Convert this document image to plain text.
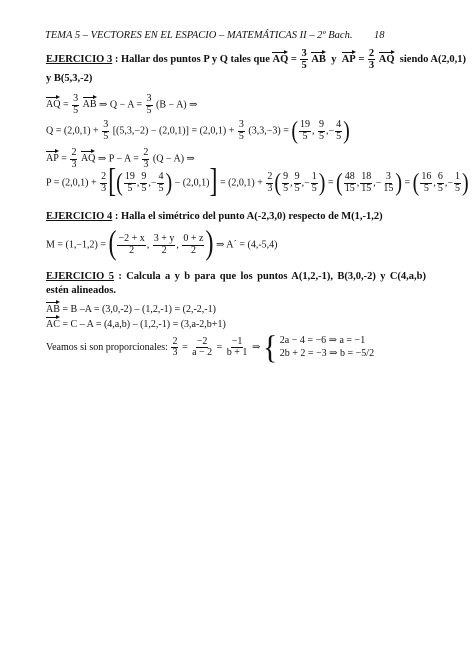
TEMA 5 – VECTORES EN EL ESPACIO – MATEMÁTICAS II – 2º Bach. 18
EJERCICIO 3 : Hallar dos puntos P y Q tales que AQ = $\frac{3}{5}$ AB y AP = $\frac{2}{3}$ AQ siendo A(2,0,1)
y B(5,3,-2)
AQ = $\frac{3}{5}$ AB ⇒ $Q - A = \frac{3}{5} (B - A)$ ⇒
$Q = (2,0,1) + \frac{3}{5} [(5,3,-2) - (2,0,1)] = (2,0,1) + \frac{3}{5} (3,3,-3)$ = ( $\frac{19}{5}$ , $\frac{9}{5}$ ,− $\frac{4}{5}$ )
AP = $\frac{2}{3}$ AQ ⇒ $P - A = \frac{2}{3} (Q - A)$ ⇒
$P = (2,0,1) + \frac{2}{3}$ [( $\frac{19}{5}$ , $\frac{9}{5}$ ,− $\frac{4}{5}$ ) − $(2,0,1)] = (2,0,1) + \frac{2}{3}$ ( $\frac{9}{5}$ , $\frac{9}{5}$ ,− $\frac{1}{5}$ ) = ( $\frac{48}{15}$ , $\frac{18}{15}$ ,− $\frac{3}{15}$ ) = ( $\frac{16}{5}$ , $\frac{6}{5}$ ,− $\frac{1}{5}$ )
EJERCICIO 4 : Halla el simétrico del punto A(-2,3,0) respecto de M(1,-1,2)
M = (1,−1,2) = ( $\frac{-2 + x}{2}$ , $\frac{3 + y}{2}$ , $\frac{0 + z}{2}$ ) ⇒ A´ = (4,-5,4)
EJERCICIO 5 : Calcula a y b para que los puntos A(1,2,-1), B(3,0,-2) y C(4,a,b) estén alineados.
AB = B –A = (3,0,-2) – (1,2,-1) = (2,-2,-1)
AC = C – A = (4,a,b) – (1,2,-1) = (3,a-2,b+1)
Veamos si son proporcionales: $\frac{2}{3} = \frac{-2}{a - 2} = \frac{-1}{b + 1}$ ⇒ { 2a − 4 = −6 ⇒ a = −1
2b + 2 = −3 ⇒ b = −5/2
